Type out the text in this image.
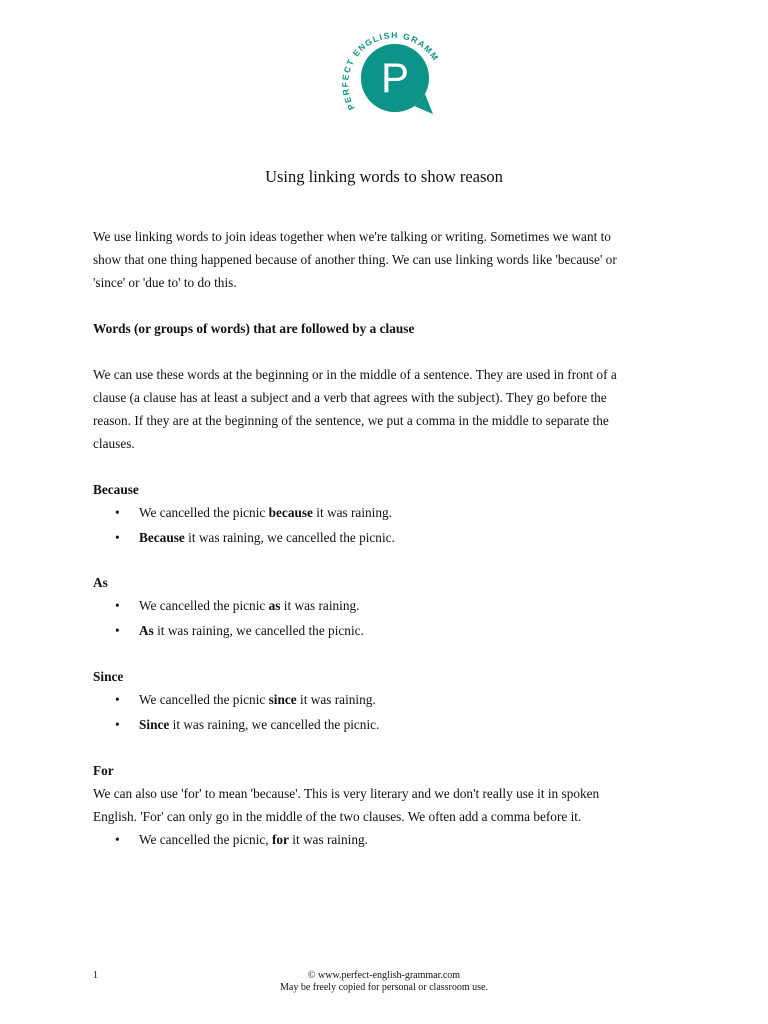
PERFECT ENGLISH GRAMM
P
Using linking words to show reason

We use linking words to join ideas together when we're talking or writing. Sometimes we want to

show that one thing happened because of another thing. We can use linking words like 'because' or

'since' or 'due to' to do this.

Words (or groups of words) that are followed by a clause

We can use these words at the beginning or in the middle of a sentence. They are used in front of a

clause (a clause has at least a subject and a verb that agrees with the subject). They go before the

reason. If they are at the beginning of the sentence, we put a comma in the middle to separate the

clauses.

Because

• We cancelled the picnic because it was raining.
• Because it was raining, we cancelled the picnic.

As

• We cancelled the picnic as it was raining.
• As it was raining, we cancelled the picnic.

Since

• We cancelled the picnic since it was raining.
• Since it was raining, we cancelled the picnic.

For

We can also use 'for' to mean 'because'. This is very literary and we don't really use it in spoken

English. 'For' can only go in the middle of the two clauses. We often add a comma before it.

• We cancelled the picnic, for it was raining.
1	© www.perfect-english-grammar.com
May be freely copied for personal or classroom use.
